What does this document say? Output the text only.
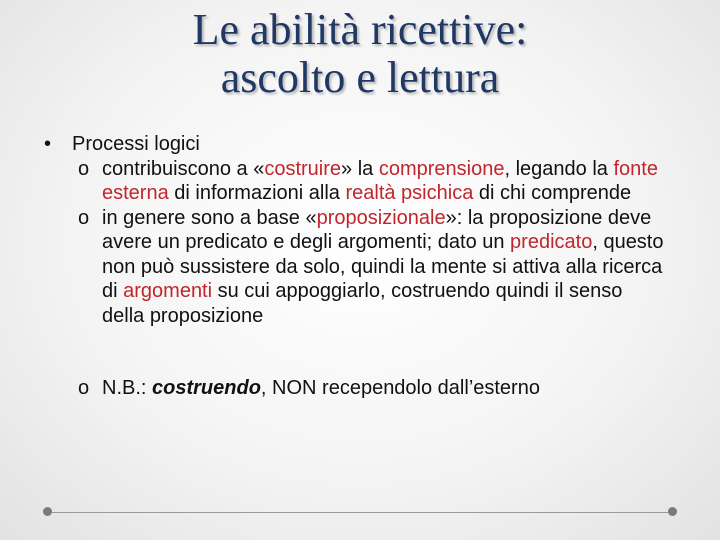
Le abilità ricettive:
ascolto e lettura
• Processi logici
o contribuiscono a «costruire» la comprensione, legando la fonte esterna di informazioni alla realtà psichica di chi comprende
o in genere sono a base «proposizionale»: la proposizione deve avere un predicato e degli argomenti; dato un predicato, questo non può sussistere da solo, quindi la mente si attiva alla ricerca di argomenti su cui appoggiarlo, costruendo quindi il senso della proposizione
o N.B.: costruendo, NON recependolo dall’esterno
